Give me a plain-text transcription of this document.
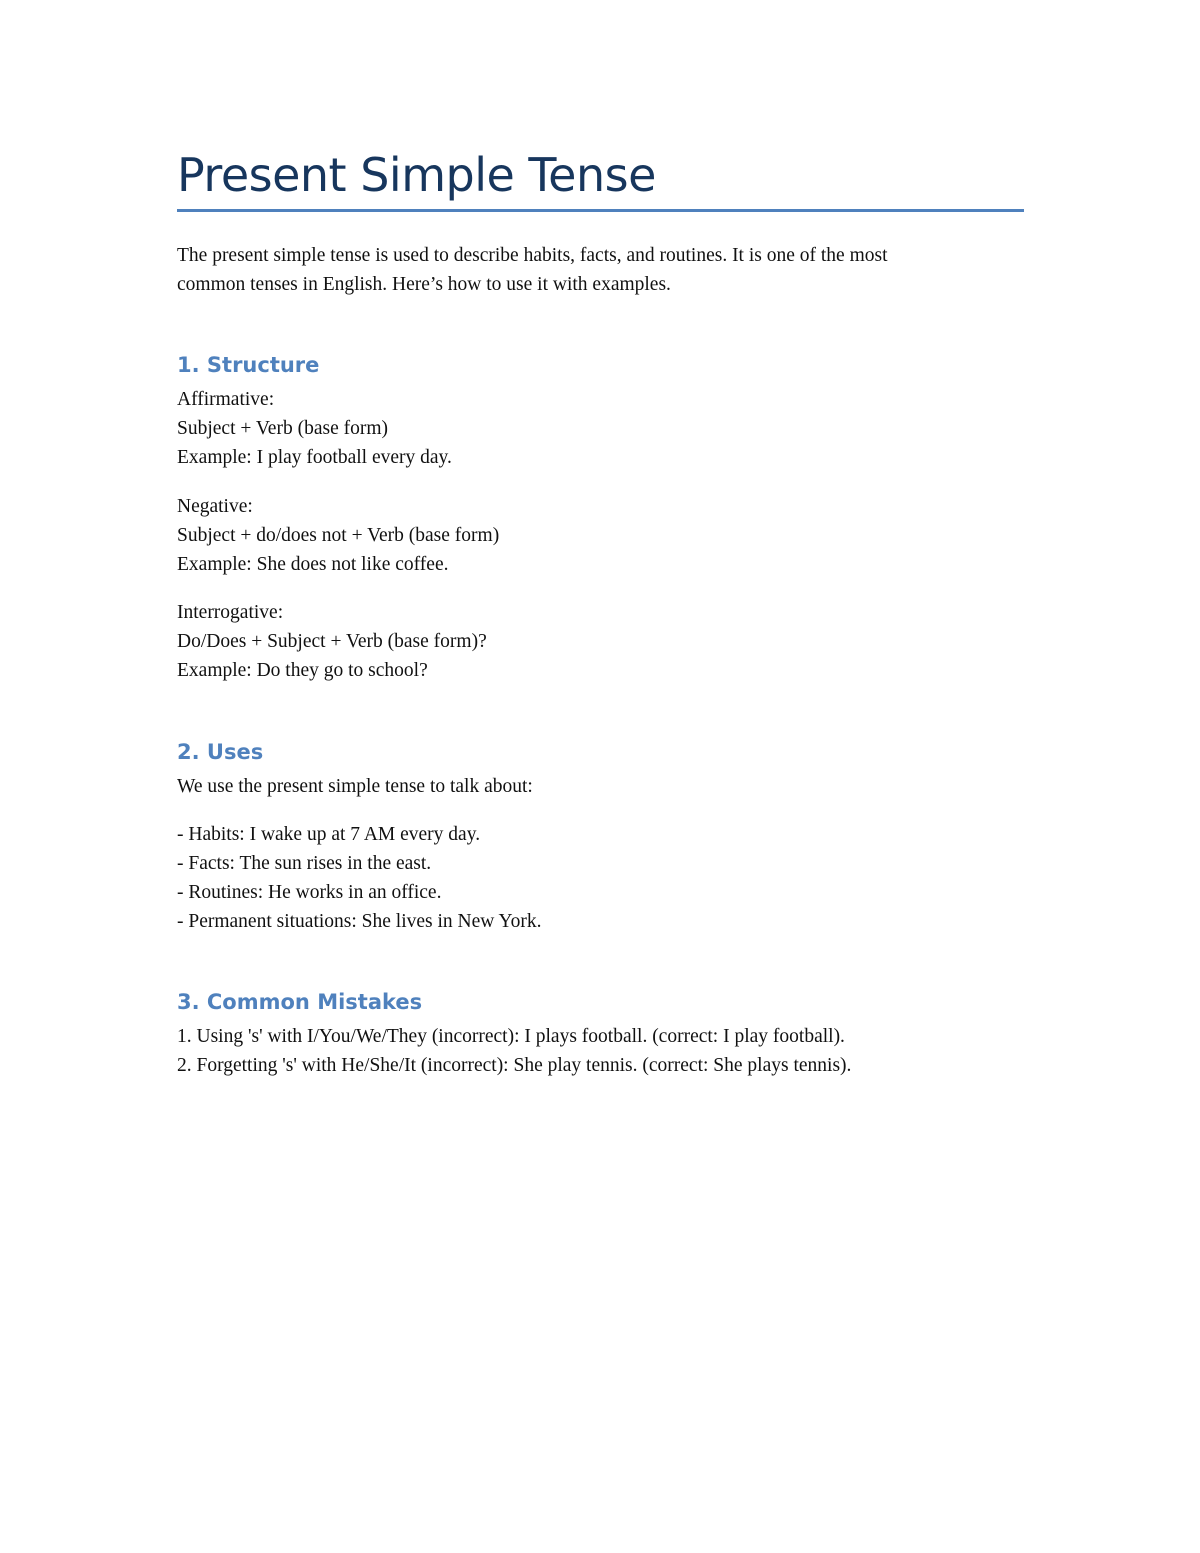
Present Simple Tense
The present simple tense is used to describe habits, facts, and routines. It is one of the most
common tenses in English. Here’s how to use it with examples.
1. Structure
Affirmative:
Subject + Verb (base form)
Example: I play football every day.
Negative:
Subject + do/does not + Verb (base form)
Example: She does not like coffee.
Interrogative:
Do/Does + Subject + Verb (base form)?
Example: Do they go to school?
2. Uses
We use the present simple tense to talk about:
- Habits: I wake up at 7 AM every day.
- Facts: The sun rises in the east.
- Routines: He works in an office.
- Permanent situations: She lives in New York.
3. Common Mistakes
1. Using 's' with I/You/We/They (incorrect): I plays football. (correct: I play football).
2. Forgetting 's' with He/She/It (incorrect): She play tennis. (correct: She plays tennis).
